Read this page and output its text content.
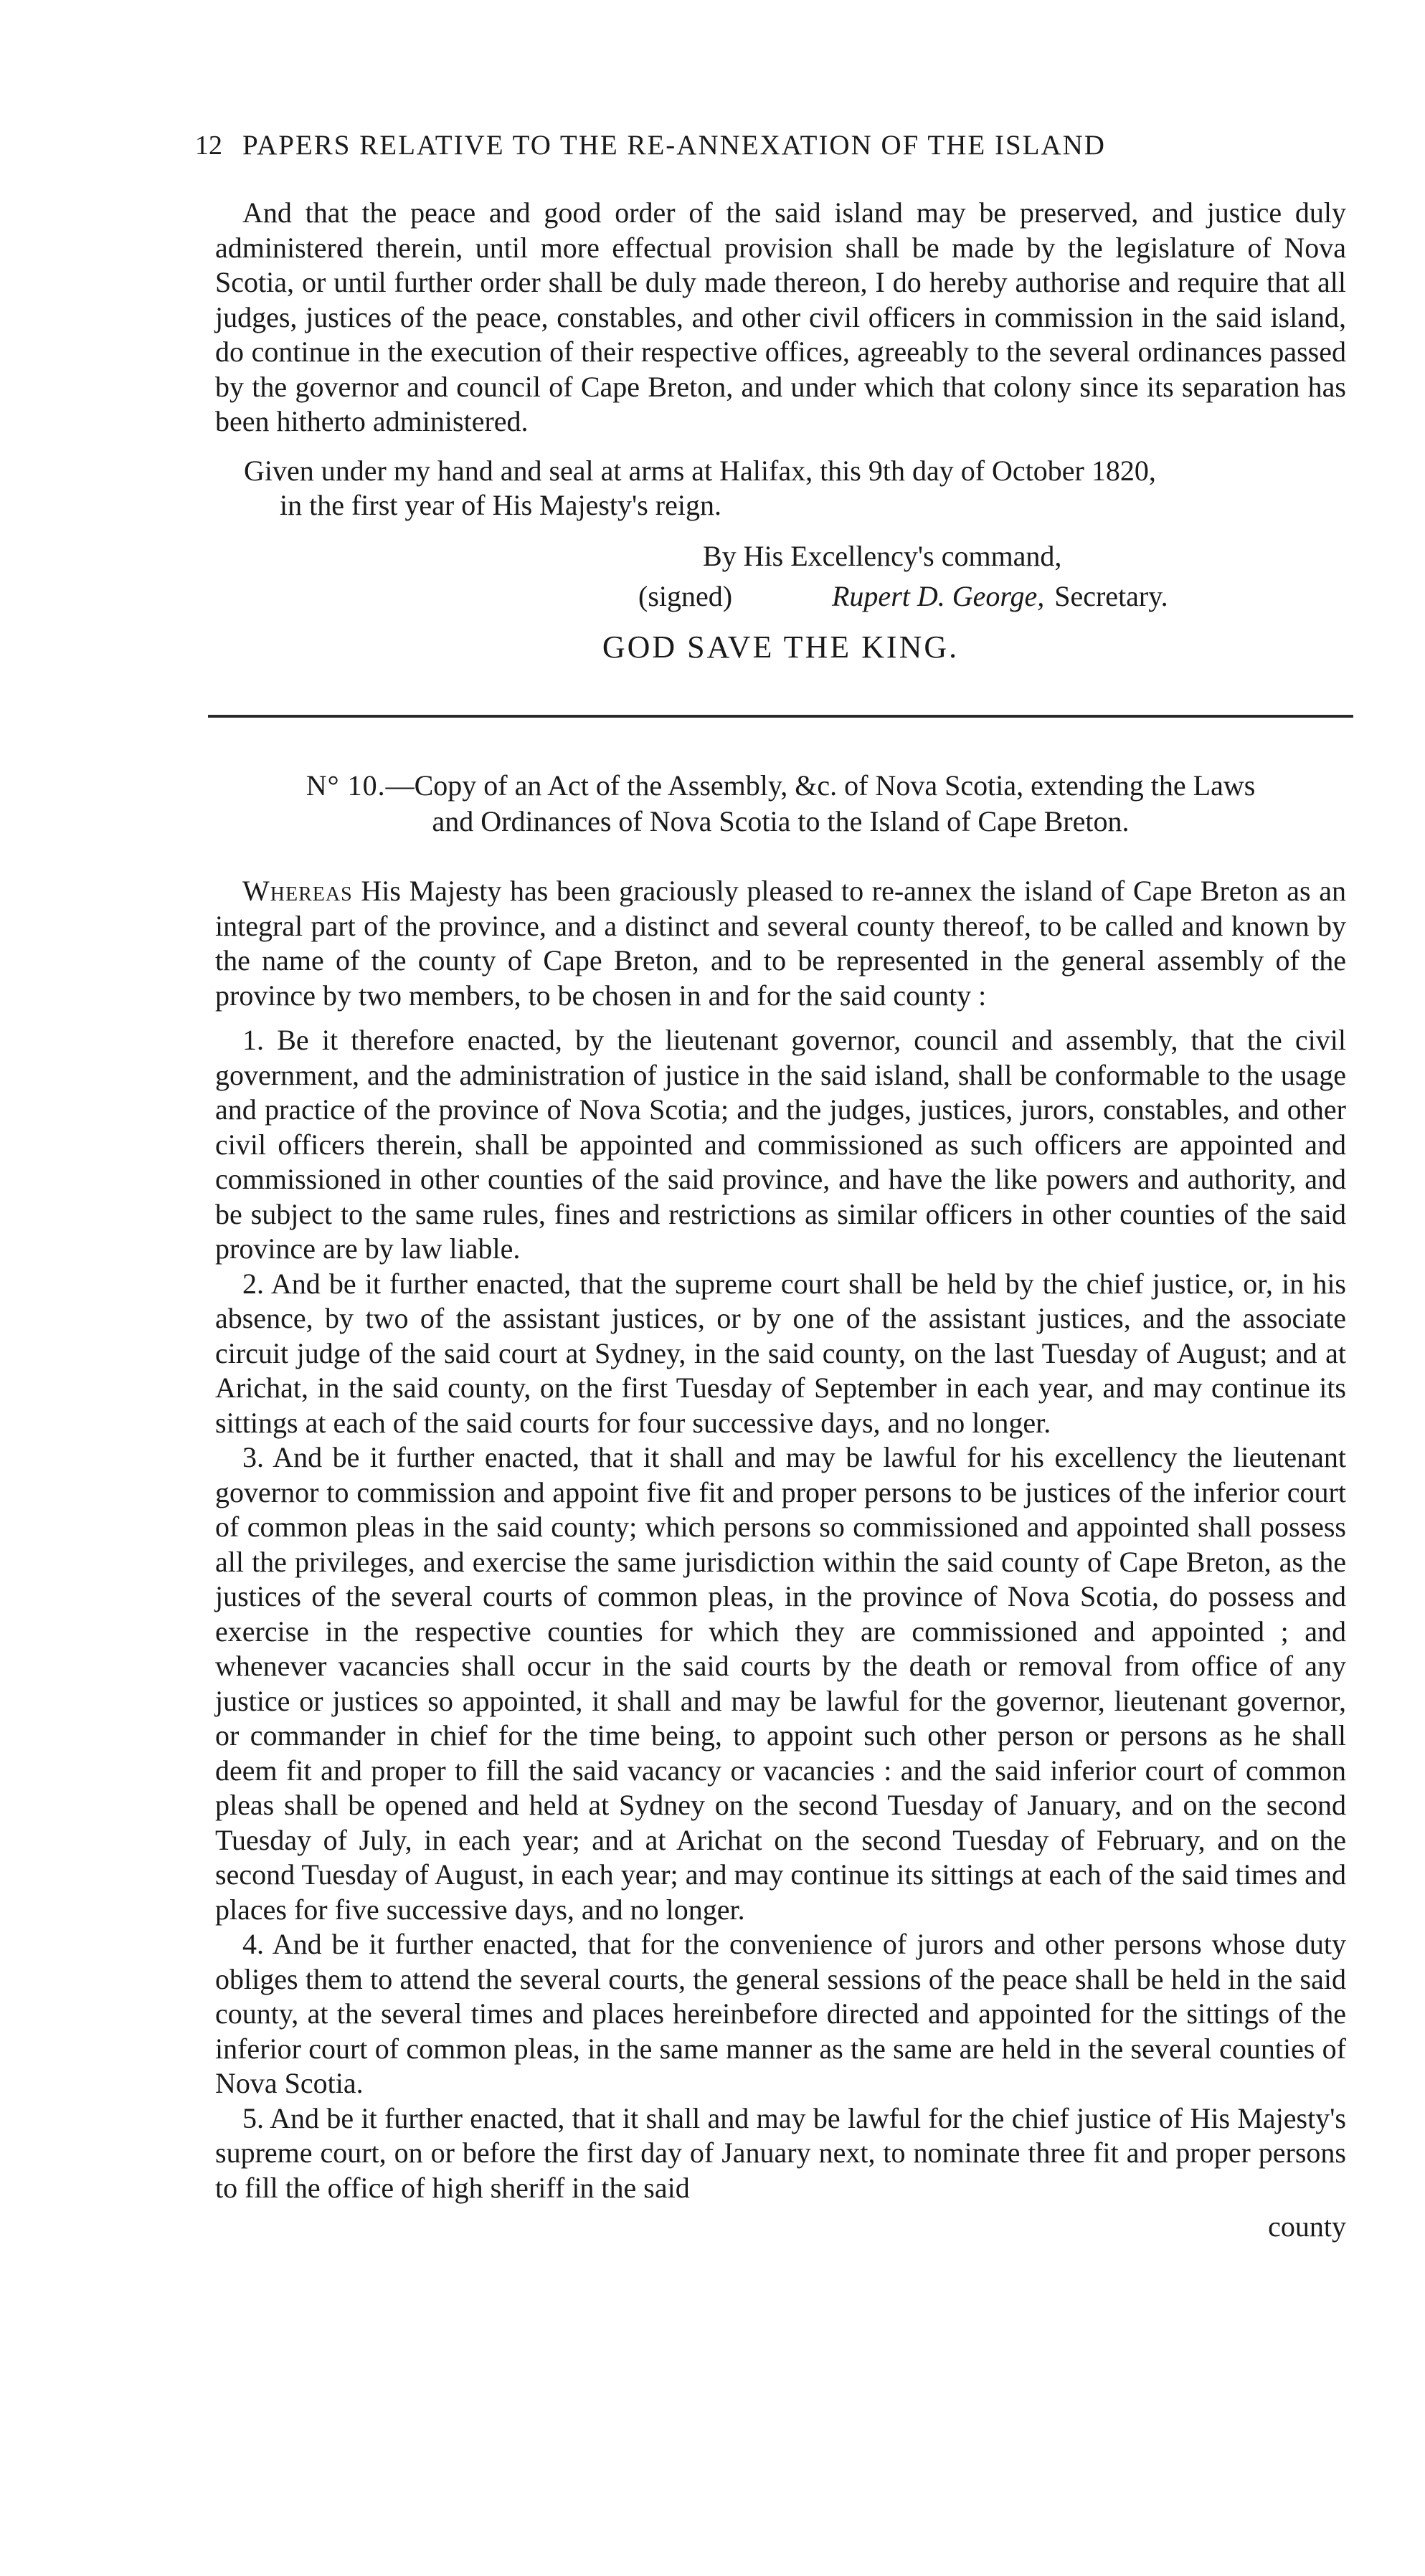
12 PAPERS RELATIVE TO THE RE-ANNEXATION OF THE ISLAND

And that the peace and good order of the said island may be preserved, and justice duly administered therein, until more effectual provision shall be made by the legislature of Nova Scotia, or until further order shall be duly made thereon, I do hereby authorise and require that all judges, justices of the peace, constables, and other civil officers in commission in the said island, do continue in the execution of their respective offices, agreeably to the several ordinances passed by the governor and council of Cape Breton, and under which that colony since its separation has been hitherto administered.

Given under my hand and seal at arms at Halifax, this 9th day of October 1820,
in the first year of His Majesty's reign.

By His Excellency's command,

(signed)	Rupert D. George, Secretary.
GOD SAVE THE KING.
N° 10.—Copy of an Act of the Assembly, &c. of Nova Scotia, extending the Laws
and Ordinances of Nova Scotia to the Island of Cape Breton.

Whereas His Majesty has been graciously pleased to re-annex the island of Cape Breton as an integral part of the province, and a distinct and several county thereof, to be called and known by the name of the county of Cape Breton, and to be represented in the general assembly of the province by two members, to be chosen in and for the said county :

1. Be it therefore enacted, by the lieutenant governor, council and assembly, that the civil government, and the administration of justice in the said island, shall be conformable to the usage and practice of the province of Nova Scotia; and the judges, justices, jurors, constables, and other civil officers therein, shall be appointed and commissioned as such officers are appointed and commissioned in other counties of the said province, and have the like powers and authority, and be subject to the same rules, fines and restrictions as similar officers in other counties of the said province are by law liable.

2. And be it further enacted, that the supreme court shall be held by the chief justice, or, in his absence, by two of the assistant justices, or by one of the assistant justices, and the associate circuit judge of the said court at Sydney, in the said county, on the last Tuesday of August; and at Arichat, in the said county, on the first Tuesday of September in each year, and may continue its sittings at each of the said courts for four successive days, and no longer.

3. And be it further enacted, that it shall and may be lawful for his excellency the lieutenant governor to commission and appoint five fit and proper persons to be justices of the inferior court of common pleas in the said county; which persons so commissioned and appointed shall possess all the privileges, and exercise the same jurisdiction within the said county of Cape Breton, as the justices of the several courts of common pleas, in the province of Nova Scotia, do possess and exercise in the respective counties for which they are commissioned and appointed ; and whenever vacancies shall occur in the said courts by the death or removal from office of any justice or justices so appointed, it shall and may be lawful for the governor, lieutenant governor, or commander in chief for the time being, to appoint such other person or persons as he shall deem fit and proper to fill the said vacancy or vacancies : and the said inferior court of common pleas shall be opened and held at Sydney on the second Tuesday of January, and on the second Tuesday of July, in each year; and at Arichat on the second Tuesday of February, and on the second Tuesday of August, in each year; and may continue its sittings at each of the said times and places for five successive days, and no longer.

4. And be it further enacted, that for the convenience of jurors and other persons whose duty obliges them to attend the several courts, the general sessions of the peace shall be held in the said county, at the several times and places hereinbefore directed and appointed for the sittings of the inferior court of common pleas, in the same manner as the same are held in the several counties of Nova Scotia.

5. And be it further enacted, that it shall and may be lawful for the chief justice of His Majesty's supreme court, on or before the first day of January next, to nominate three fit and proper persons to fill the office of high sheriff in the said

county
